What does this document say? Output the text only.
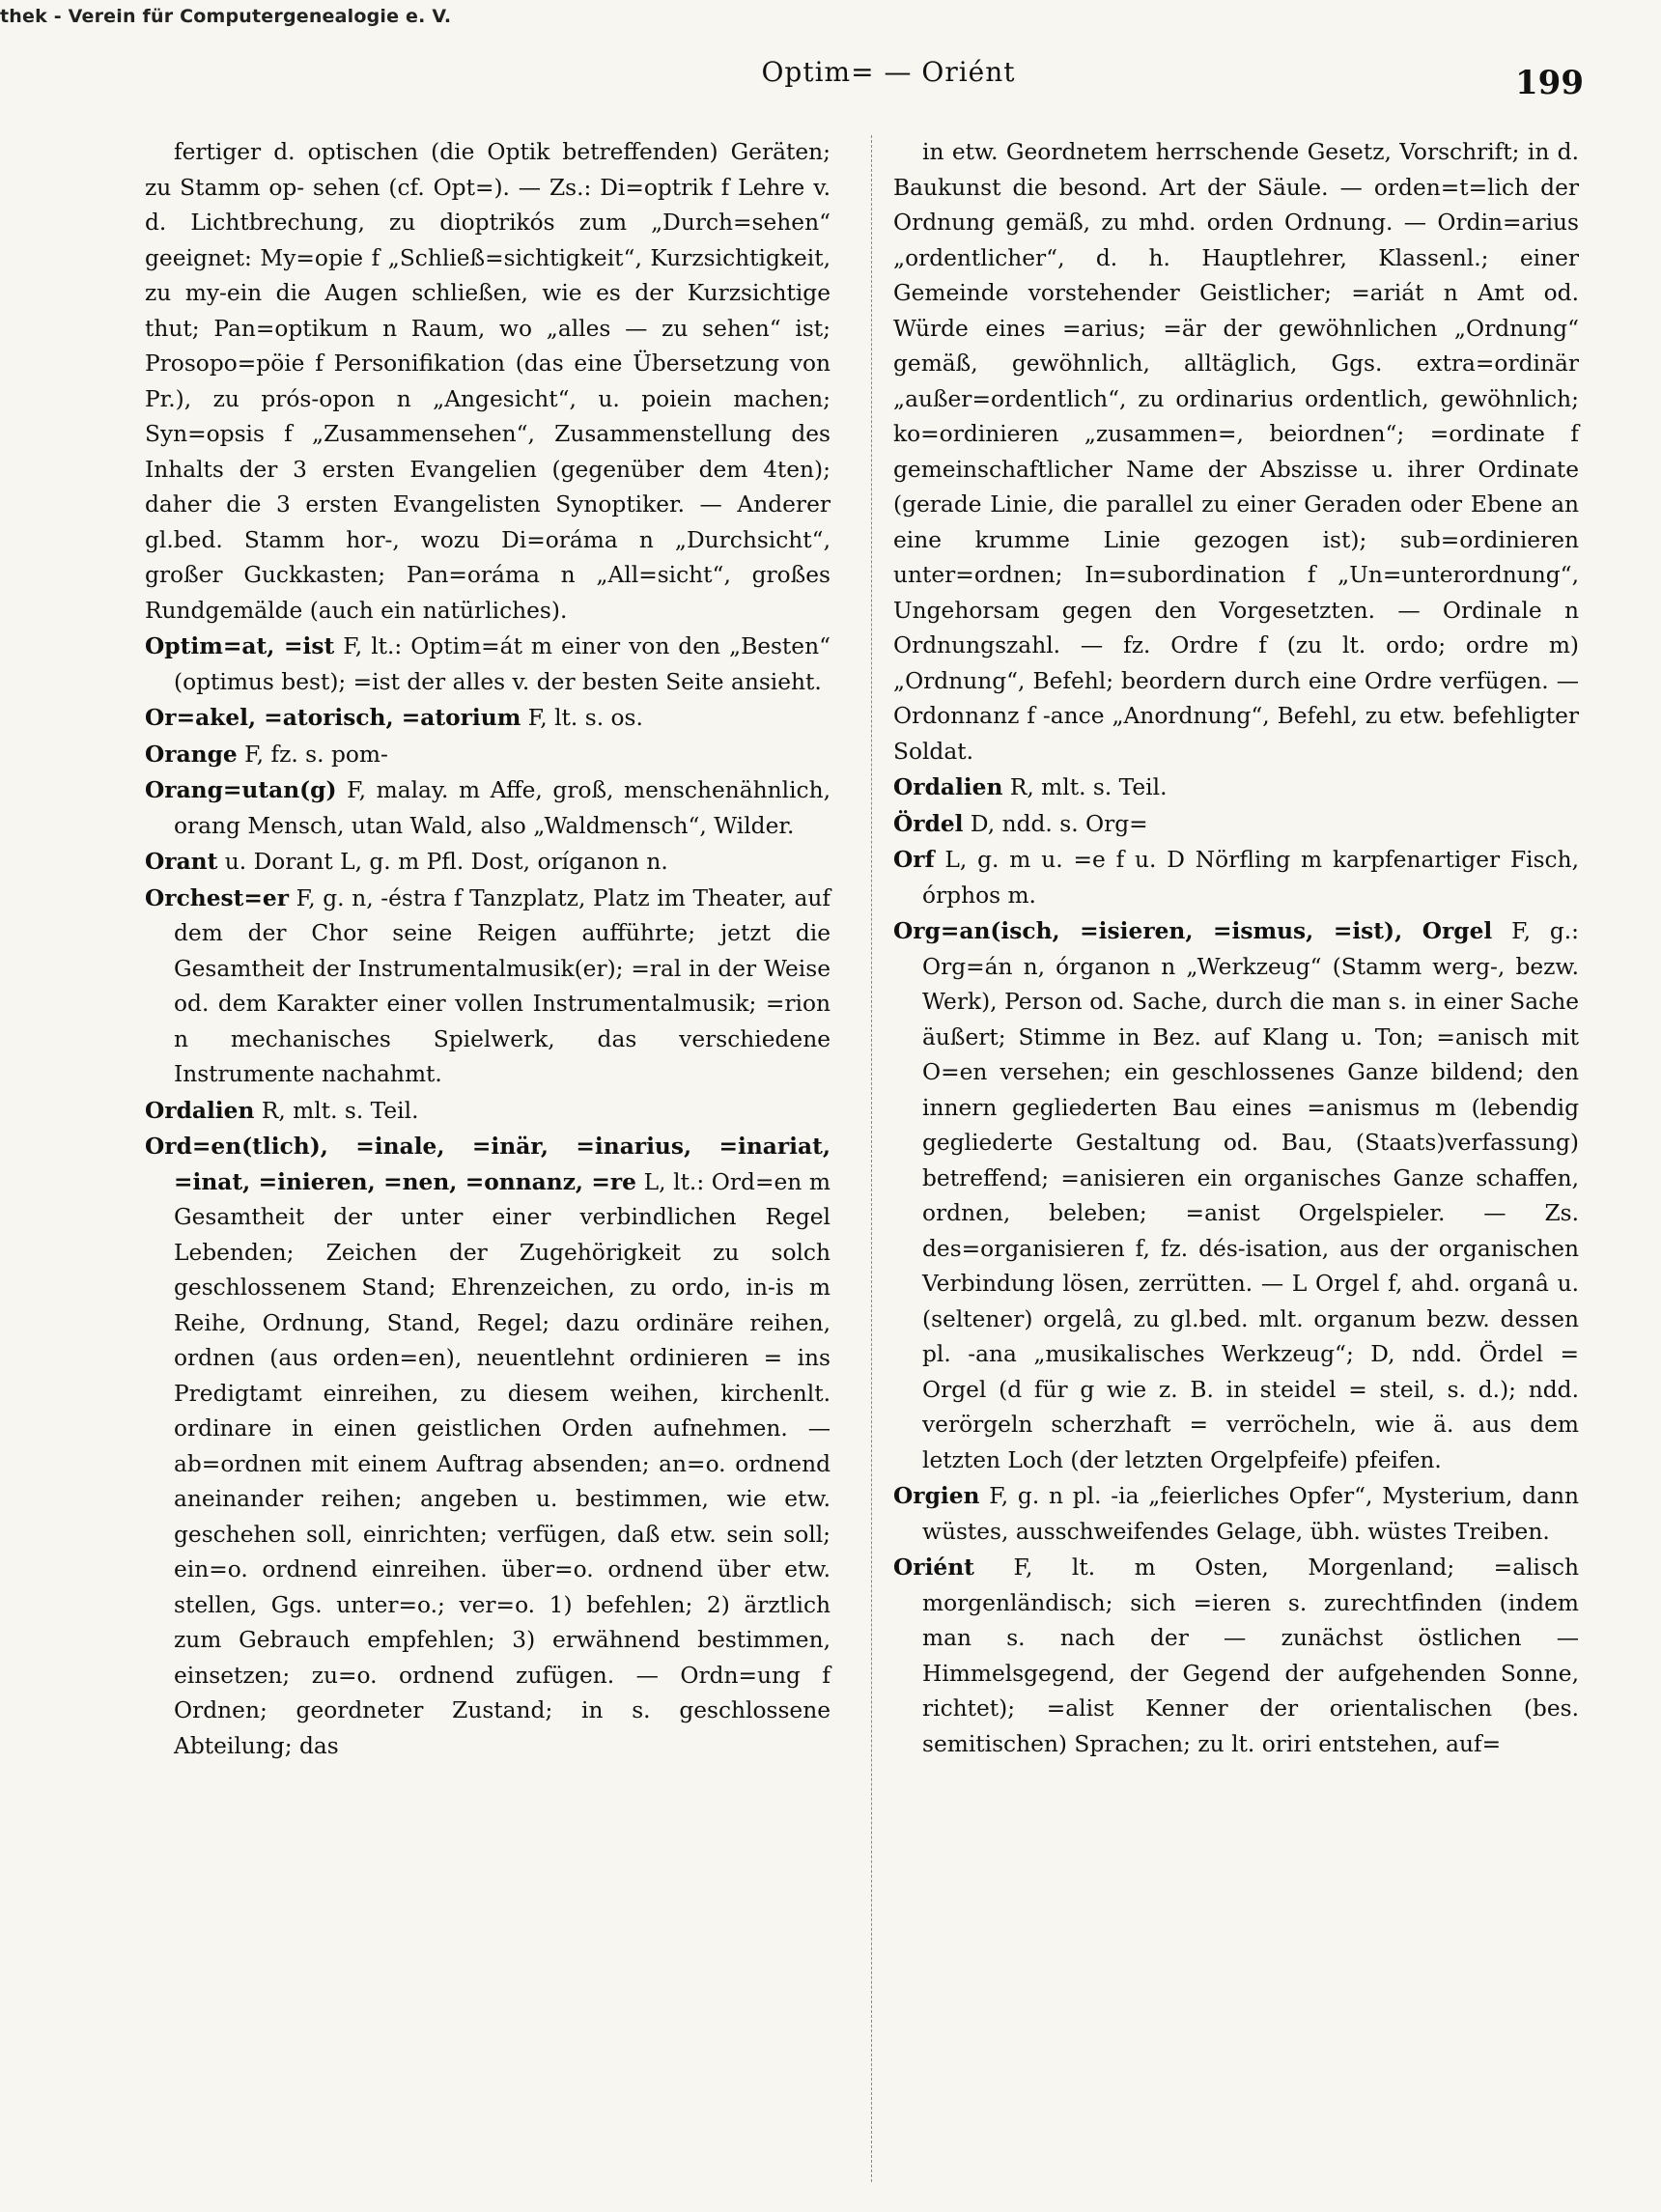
thek - Verein für Computergenealogie e. V.
Optim= — Oriént	199

fertiger d. optischen (die Optik betreffenden) Geräten; zu Stamm op- sehen (cf. Opt=). — Zs.: Di=optrik f Lehre v. d. Lichtbrechung, zu dioptrikós zum „Durch=sehen“ geeignet: My=opie f „Schließ=sichtigkeit“, Kurzsichtigkeit, zu my-ein die Augen schließen, wie es der Kurzsichtige thut; Pan=optikum n Raum, wo „alles — zu sehen“ ist; Prosopo=pöie f Personifikation (das eine Übersetzung von Pr.), zu prós-opon n „Angesicht“, u. poiein machen; Syn=opsis f „Zusammensehen“, Zusammenstellung des Inhalts der 3 ersten Evangelien (gegenüber dem 4ten); daher die 3 ersten Evangelisten Synoptiker. — Anderer gl.bed. Stamm hor-, wozu Di=oráma n „Durchsicht“, großer Guckkasten; Pan=oráma n „All=sicht“, großes Rundgemälde (auch ein natürliches).

Optim=at, =ist F, lt.: Optim=át m einer von den „Besten“ (optimus best); =ist der alles v. der besten Seite ansieht.

Or=akel, =atorisch, =atorium F, lt. s. os.

Orange F, fz. s. pom-

Orang=utan(g) F, malay. m Affe, groß, menschenähnlich, orang Mensch, utan Wald, also „Waldmensch“, Wilder.

Orant u. Dorant L, g. m Pfl. Dost, oríganon n.

Orchest=er F, g. n, -éstra f Tanzplatz, Platz im Theater, auf dem der Chor seine Reigen aufführte; jetzt die Gesamtheit der Instrumentalmusik(er); =ral in der Weise od. dem Karakter einer vollen Instrumentalmusik; =rion n mechanisches Spielwerk, das verschiedene Instrumente nachahmt.

Ordalien R, mlt. s. Teil.

Ord=en(tlich), =inale, =inär, =inarius, =inariat, =inat, =inieren, =nen, =onnanz, =re L, lt.: Ord=en m Gesamtheit der unter einer verbindlichen Regel Lebenden; Zeichen der Zugehörigkeit zu solch geschlossenem Stand; Ehrenzeichen, zu ordo, in-is m Reihe, Ordnung, Stand, Regel; dazu ordinäre reihen, ordnen (aus orden=en), neuentlehnt ordinieren = ins Predigtamt einreihen, zu diesem weihen, kirchenlt. ordinare in einen geistlichen Orden aufnehmen. — ab=ordnen mit einem Auftrag absenden; an=o. ordnend aneinander reihen; angeben u. bestimmen, wie etw. geschehen soll, einrichten; verfügen, daß etw. sein soll; ein=o. ordnend einreihen. über=o. ordnend über etw. stellen, Ggs. unter=o.; ver=o. 1) befehlen; 2) ärztlich zum Gebrauch empfehlen; 3) erwähnend bestimmen, einsetzen; zu=o. ordnend zufügen. — Ordn=ung f Ordnen; geordneter Zustand; in s. geschlossene Abteilung; das

in etw. Geordnetem herrschende Gesetz, Vorschrift; in d. Baukunst die besond. Art der Säule. — orden=t=lich der Ordnung gemäß, zu mhd. orden Ordnung. — Ordin=arius „ordentlicher“, d. h. Hauptlehrer, Klassenl.; einer Gemeinde vorstehender Geistlicher; =ariát n Amt od. Würde eines =arius; =är der gewöhnlichen „Ordnung“ gemäß, gewöhnlich, alltäglich, Ggs. extra=ordinär „außer=ordentlich“, zu ordinarius ordentlich, gewöhnlich; ko=ordinieren „zusammen=, beiordnen“; =ordinate f gemeinschaftlicher Name der Abszisse u. ihrer Ordinate (gerade Linie, die parallel zu einer Geraden oder Ebene an eine krumme Linie gezogen ist); sub=ordinieren unter=ordnen; In=subordination f „Un=unterordnung“, Ungehorsam gegen den Vorgesetzten. — Ordinale n Ordnungszahl. — fz. Ordre f (zu lt. ordo; ordre m) „Ordnung“, Befehl; beordern durch eine Ordre verfügen. — Ordonnanz f -ance „Anordnung“, Befehl, zu etw. befehligter Soldat.

Ordalien R, mlt. s. Teil.

Ördel D, ndd. s. Org=

Orf L, g. m u. =e f u. D Nörfling m karpfenartiger Fisch, órphos m.

Org=an(isch, =isieren, =ismus, =ist), Orgel F, g.: Org=án n, órganon n „Werkzeug“ (Stamm werg-, bezw. Werk), Person od. Sache, durch die man s. in einer Sache äußert; Stimme in Bez. auf Klang u. Ton; =anisch mit O=en versehen; ein geschlossenes Ganze bildend; den innern gegliederten Bau eines =anismus m (lebendig gegliederte Gestaltung od. Bau, (Staats)verfassung) betreffend; =anisieren ein organisches Ganze schaffen, ordnen, beleben; =anist Orgelspieler. — Zs. des=organisieren f, fz. dés-isation, aus der organischen Verbindung lösen, zerrütten. — L Orgel f, ahd. organâ u. (seltener) orgelâ, zu gl.bed. mlt. organum bezw. dessen pl. -ana „musikalisches Werkzeug“; D, ndd. Ördel = Orgel (d für g wie z. B. in steidel = steil, s. d.); ndd. verörgeln scherzhaft = verröcheln, wie ä. aus dem letzten Loch (der letzten Orgelpfeife) pfeifen.

Orgien F, g. n pl. -ia „feierliches Opfer“, Mysterium, dann wüstes, ausschweifendes Gelage, übh. wüstes Treiben.

Oriént F, lt. m Osten, Morgenland; =alisch morgenländisch; sich =ieren s. zurechtfinden (indem man s. nach der — zunächst östlichen — Himmelsgegend, der Gegend der aufgehenden Sonne, richtet); =alist Kenner der orientalischen (bes. semitischen) Sprachen; zu lt. oriri entstehen, auf=
